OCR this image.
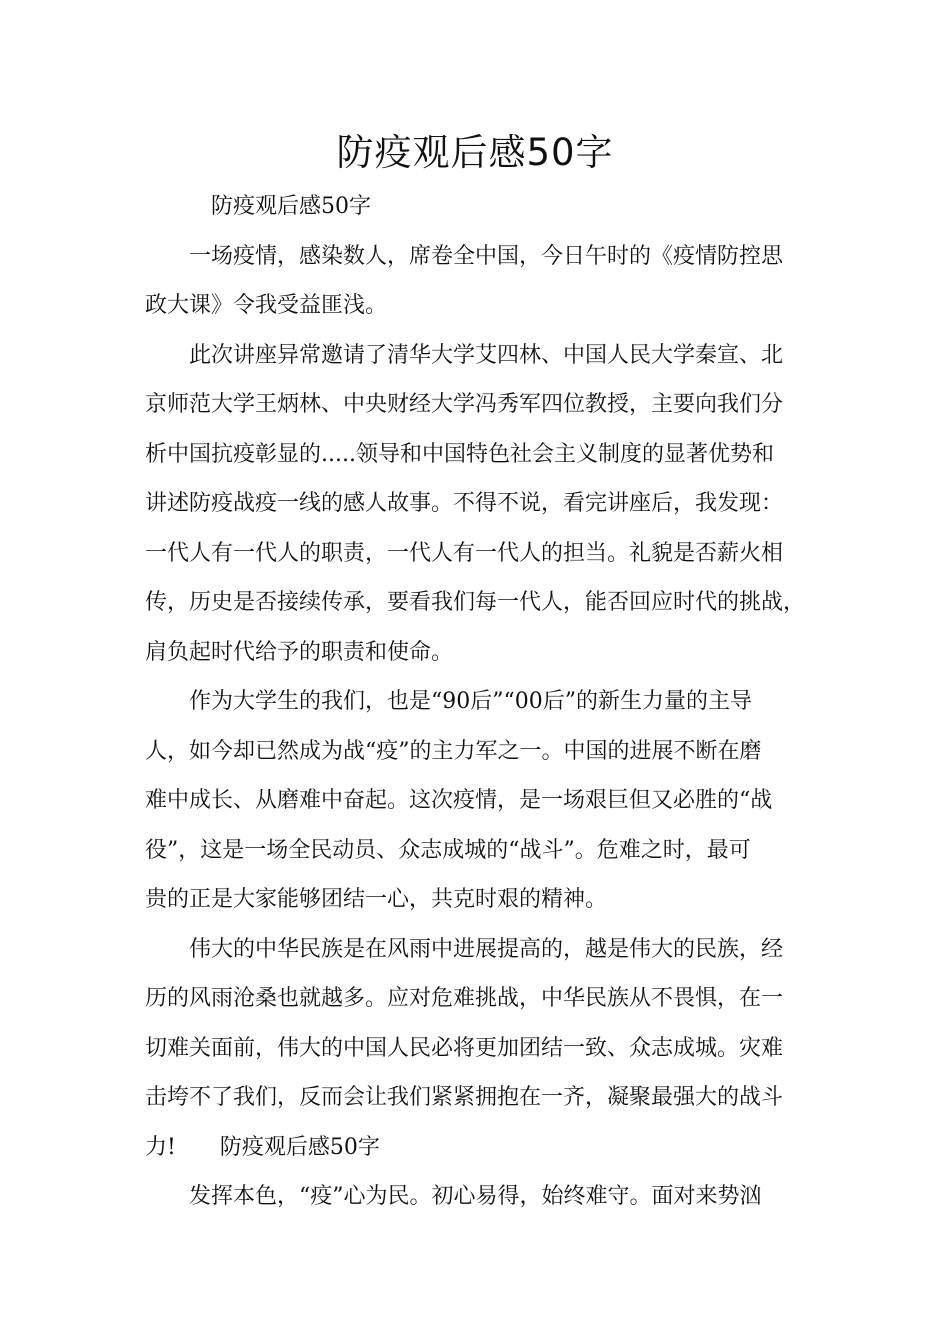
防疫观后感50字
防疫观后感50字
一场疫情，感染数人，席卷全中国，今日午时的《疫情防控思
政大课》令我受益匪浅。
此次讲座异常邀请了清华大学艾四林、中国人民大学秦宣、北
京师范大学王炳林、中央财经大学冯秀军四位教授，主要向我们分
析中国抗疫彰显的.....领导和中国特色社会主义制度的显著优势和
讲述防疫战疫一线的感人故事。不得不说，看完讲座后，我发现：
一代人有一代人的职责，一代人有一代人的担当。礼貌是否薪火相
传，历史是否接续传承，要看我们每一代人，能否回应时代的挑战，
肩负起时代给予的职责和使命。
作为大学生的我们，也是“90后”“00后”的新生力量的主导
人，如今却已然成为战“疫”的主力军之一。中国的进展不断在磨
难中成长、从磨难中奋起。这次疫情，是一场艰巨但又必胜的“战
役”，这是一场全民动员、众志成城的“战斗”。危难之时，最可
贵的正是大家能够团结一心，共克时艰的精神。
伟大的中华民族是在风雨中进展提高的，越是伟大的民族，经
历的风雨沧桑也就越多。应对危难挑战，中华民族从不畏惧，在一
切难关面前，伟大的中国人民必将更加团结一致、众志成城。灾难
击垮不了我们，反而会让我们紧紧拥抱在一齐，凝聚最强大的战斗
力! 防疫观后感50字
发挥本色，“疫”心为民。初心易得，始终难守。面对来势汹
